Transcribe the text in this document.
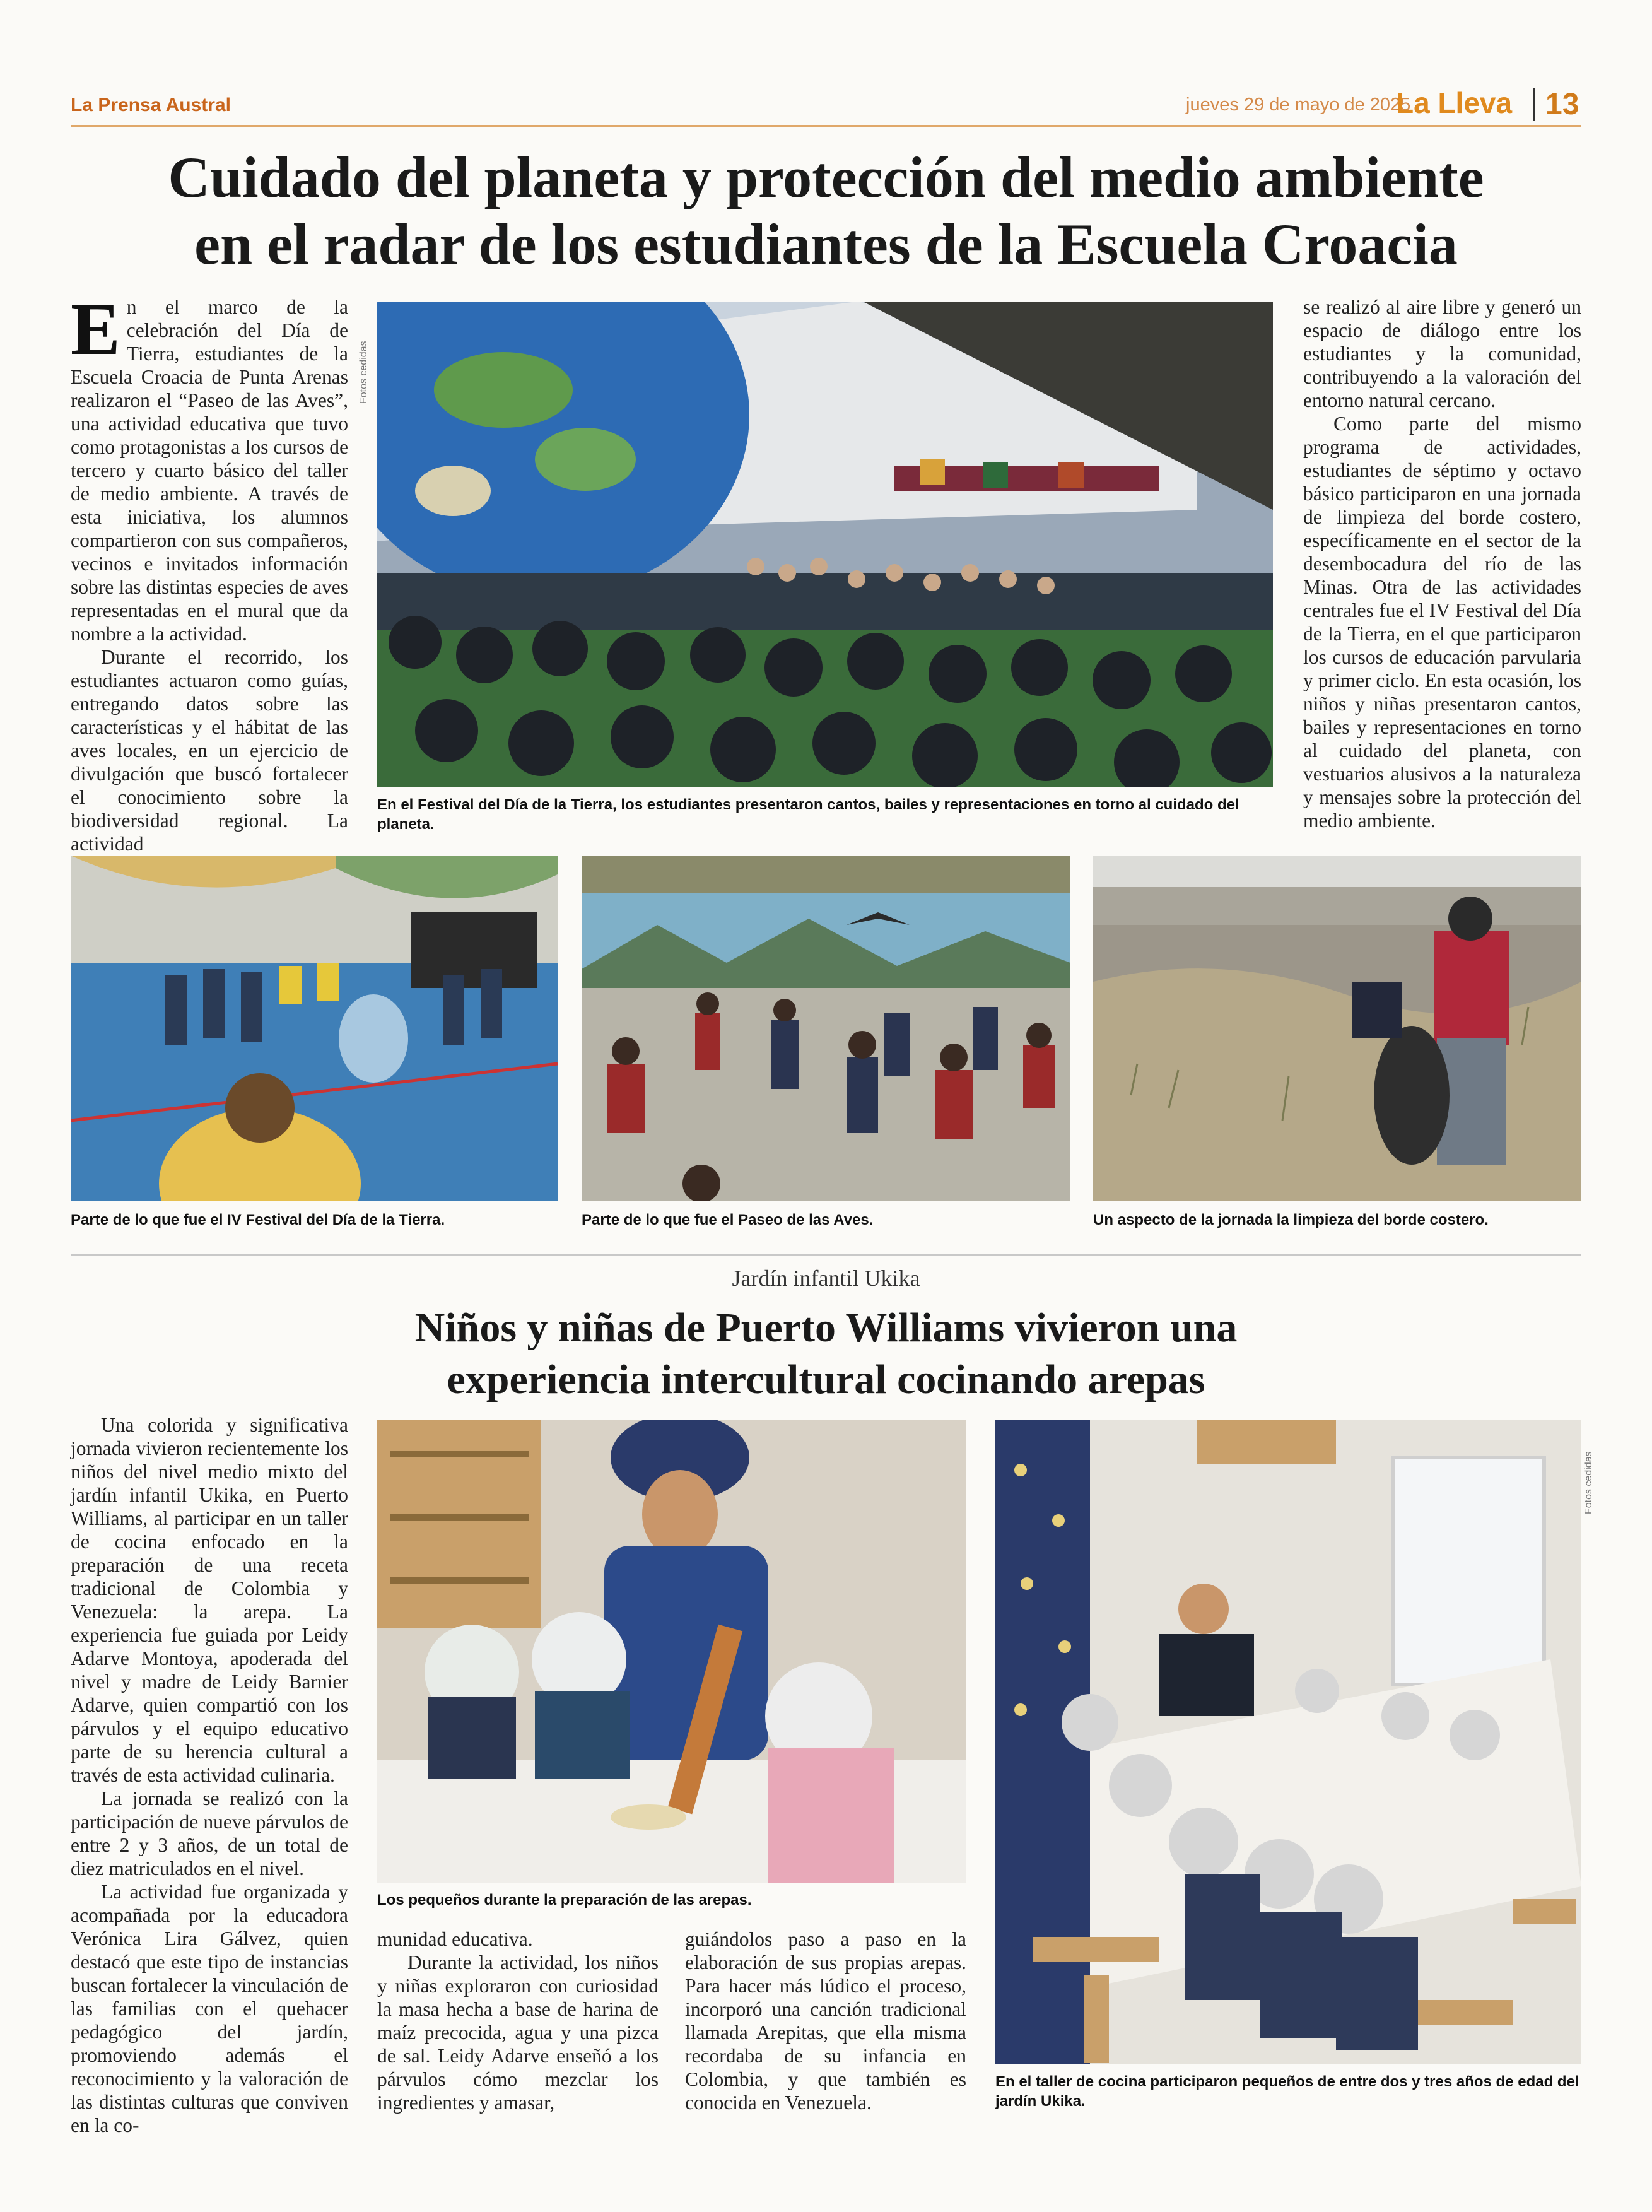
La Prensa Austral	jueves 29 de mayo de 2025
La Lleva 13
Cuidado del planeta y protección del medio ambiente
en el radar de los estudiantes de la Escuela Croacia

En el marco de la celebración del Día de Tierra, estudiantes de la Escuela Croacia de Punta Arenas realizaron el “Paseo de las Aves”, una actividad educativa que tuvo como protagonistas a los cursos de tercero y cuarto básico del taller de medio ambiente. A través de esta iniciativa, los alumnos compartieron con sus compañeros, vecinos e invitados información sobre las distintas especies de aves representadas en el mural que da nombre a la actividad.

Durante el recorrido, los estudiantes actuaron como guías, entregando datos sobre las características y el hábitat de las aves locales, en un ejercicio de divulgación que buscó fortalecer el conocimiento sobre la biodiversidad regional. La actividad

Fotos cedidas
En el Festival del Día de la Tierra, los estudiantes presentaron cantos, bailes y representaciones en torno al cuidado del planeta.

se realizó al aire libre y generó un espacio de diálogo entre los estudiantes y la comunidad, contribuyendo a la valoración del entorno natural cercano.

Como parte del mismo programa de actividades, estudiantes de séptimo y octavo básico participaron en una jornada de limpieza del borde costero, específicamente en el sector de la desembocadura del río de las Minas. Otra de las actividades centrales fue el IV Festival del Día de la Tierra, en el que participaron los cursos de educación parvularia y primer ciclo. En esta ocasión, los niños y niñas presentaron cantos, bailes y representaciones en torno al cuidado del planeta, con vestuarios alusivos a la naturaleza y mensajes sobre la protección del medio ambiente.

Parte de lo que fue el IV Festival del Día de la Tierra.	Parte de lo que fue el Paseo de las Aves.	Un aspecto de la jornada la limpieza del borde costero.
Jardín infantil Ukika
Niños y niñas de Puerto Williams vivieron una
experiencia intercultural cocinando arepas

Una colorida y significativa jornada vivieron recientemente los niños del nivel medio mixto del jardín infantil Ukika, en Puerto Williams, al participar en un taller de cocina enfocado en la preparación de una receta tradicional de Colombia y Venezuela: la arepa. La experiencia fue guiada por Leidy Adarve Montoya, apoderada del nivel y madre de Leidy Barnier Adarve, quien compartió con los párvulos y el equipo educativo parte de su herencia cultural a través de esta actividad culinaria.

La jornada se realizó con la participación de nueve párvulos de entre 2 y 3 años, de un total de diez matriculados en el nivel.

La actividad fue organizada y acompañada por la educadora Verónica Lira Gálvez, quien destacó que este tipo de instancias buscan fortalecer la vinculación de las familias con el quehacer pedagógico del jardín, promoviendo además el reconocimiento y la valoración de las distintas culturas que conviven en la co-

Los pequeños durante la preparación de las arepas.

munidad educativa.

Durante la actividad, los niños y niñas exploraron con curiosidad la masa hecha a base de harina de maíz precocida, agua y una pizca de sal. Leidy Adarve enseñó a los párvulos cómo mezclar los ingredientes y amasar,

guiándolos paso a paso en la elaboración de sus propias arepas. Para hacer más lúdico el proceso, incorporó una canción tradicional llamada Arepitas, que ella misma recordaba de su infancia en Colombia, y que también es conocida en Venezuela.

En el taller de cocina participaron pequeños de entre dos y tres años de edad del jardín Ukika.
Fotos cedidas
